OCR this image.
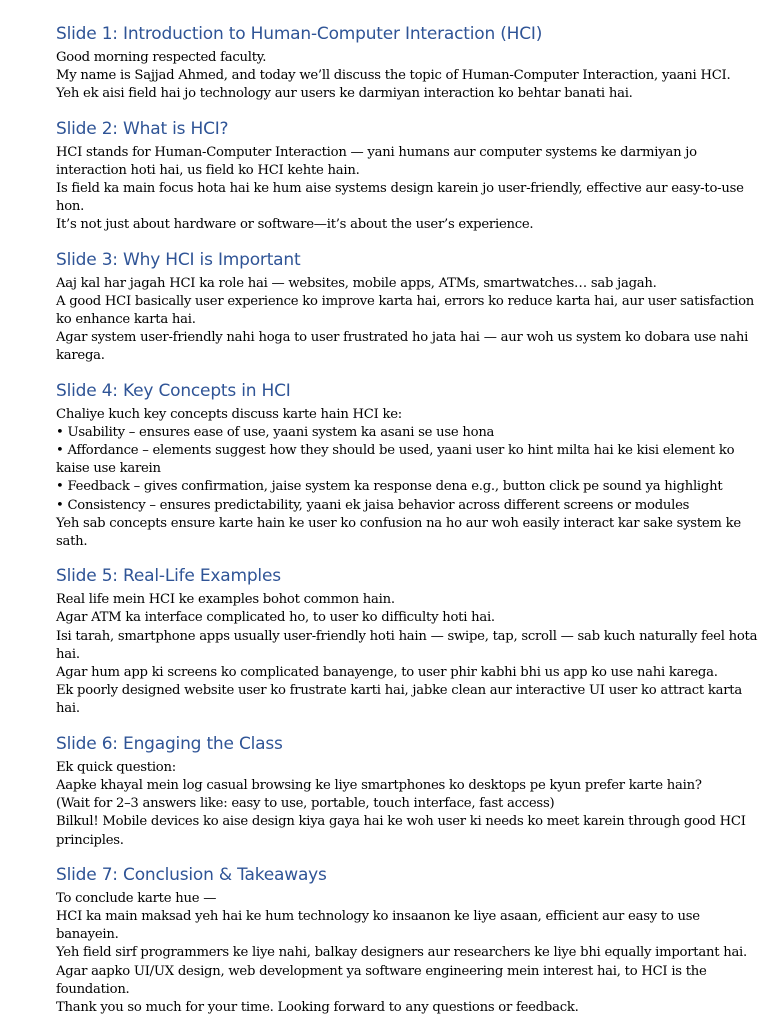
Slide 1: Introduction to Human-Computer Interaction (HCI)

Good morning respected faculty.

My name is Sajjad Ahmed, and today we’ll discuss the topic of Human-Computer Interaction, yaani HCI.

Yeh ek aisi field hai jo technology aur users ke darmiyan interaction ko behtar banati hai.

Slide 2: What is HCI?

HCI stands for Human-Computer Interaction — yani humans aur computer systems ke darmiyan jo interaction hoti hai, us field ko HCI kehte hain.

Is field ka main focus hota hai ke hum aise systems design karein jo user-friendly, effective aur easy-to-use hon.

It’s not just about hardware or software—it’s about the user’s experience.

Slide 3: Why HCI is Important

Aaj kal har jagah HCI ka role hai — websites, mobile apps, ATMs, smartwatches… sab jagah.

A good HCI basically user experience ko improve karta hai, errors ko reduce karta hai, aur user satisfaction ko enhance karta hai.

Agar system user-friendly nahi hoga to user frustrated ho jata hai — aur woh us system ko dobara use nahi karega.

Slide 4: Key Concepts in HCI

Chaliye kuch key concepts discuss karte hain HCI ke:

• Usability – ensures ease of use, yaani system ka asani se use hona

• Affordance – elements suggest how they should be used, yaani user ko hint milta hai ke kisi element ko kaise use karein

• Feedback – gives confirmation, jaise system ka response dena e.g., button click pe sound ya highlight

• Consistency – ensures predictability, yaani ek jaisa behavior across different screens or modules

Yeh sab concepts ensure karte hain ke user ko confusion na ho aur woh easily interact kar sake system ke sath.

Slide 5: Real-Life Examples

Real life mein HCI ke examples bohot common hain.

Agar ATM ka interface complicated ho, to user ko difficulty hoti hai.

Isi tarah, smartphone apps usually user-friendly hoti hain — swipe, tap, scroll — sab kuch naturally feel hota hai.

Agar hum app ki screens ko complicated banayenge, to user phir kabhi bhi us app ko use nahi karega.

Ek poorly designed website user ko frustrate karti hai, jabke clean aur interactive UI user ko attract karta hai.

Slide 6: Engaging the Class

Ek quick question:

Aapke khayal mein log casual browsing ke liye smartphones ko desktops pe kyun prefer karte hain?

(Wait for 2–3 answers like: easy to use, portable, touch interface, fast access)

Bilkul! Mobile devices ko aise design kiya gaya hai ke woh user ki needs ko meet karein through good HCI principles.

Slide 7: Conclusion & Takeaways

To conclude karte hue —

HCI ka main maksad yeh hai ke hum technology ko insaanon ke liye asaan, efficient aur easy to use banayein.

Yeh field sirf programmers ke liye nahi, balkay designers aur researchers ke liye bhi equally important hai.

Agar aapko UI/UX design, web development ya software engineering mein interest hai, to HCI is the foundation.

Thank you so much for your time. Looking forward to any questions or feedback.
